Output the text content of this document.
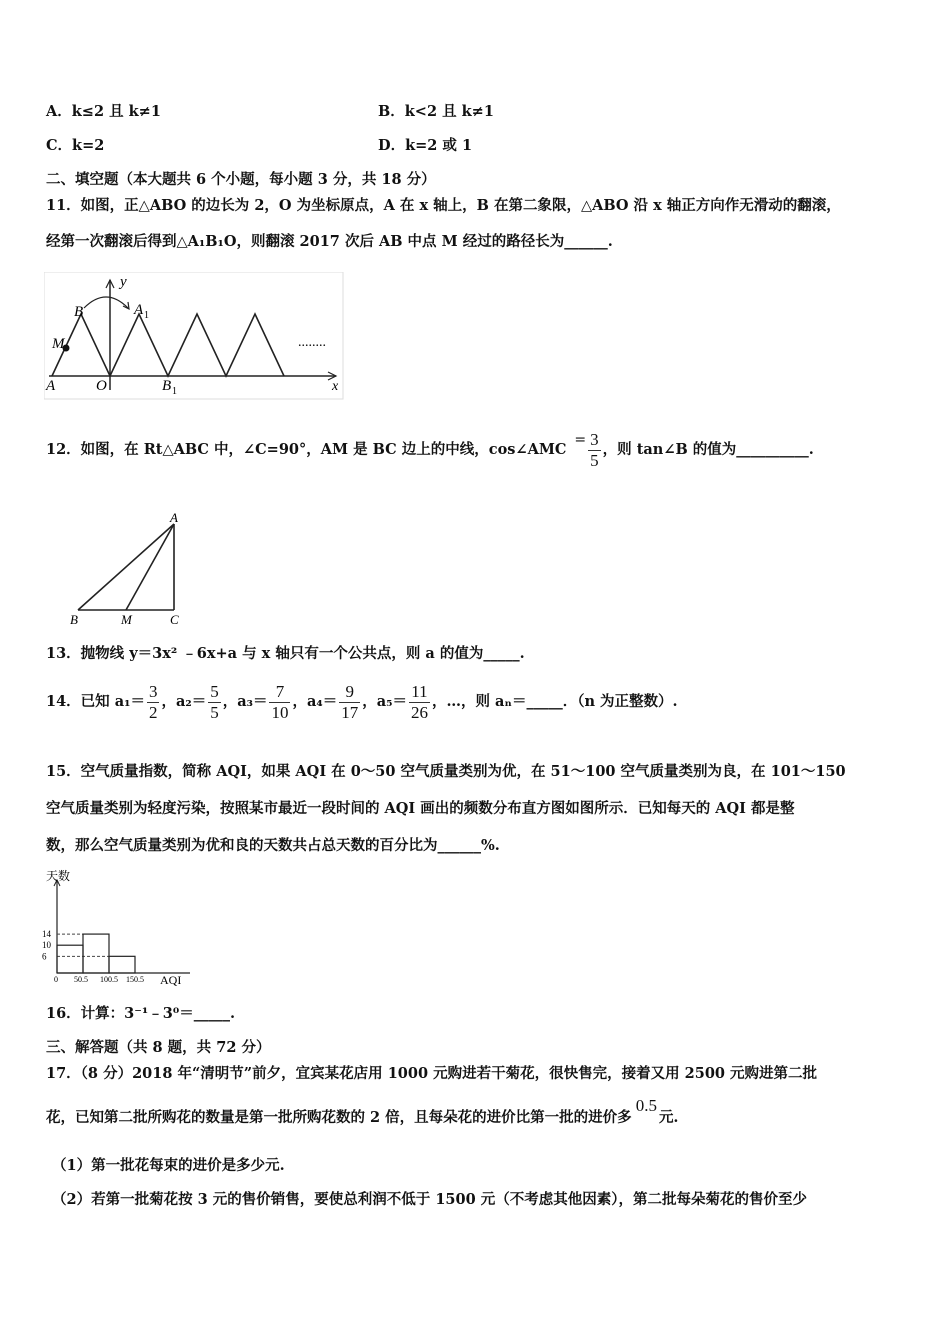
A．k≤2 且 k≠1	B．k<2 且 k≠1
C．k=2	D．k=2 或 1
二、填空题（本大题共 6 个小题，每小题 3 分，共 18 分）
11．如图，正△ABO 的边长为 2，O 为坐标原点，A 在 x 轴上，B 在第二象限，△ABO 沿 x 轴正方向作无滑动的翻滚，
经第一次翻滚后得到△A₁B₁O，则翻滚 2017 次后 AB 中点 M 经过的路径长为______.
y
x
B	A 1
M
A	O	B 1
........
12．如图，在 Rt△ABC 中，∠C=90°，AM 是 BC 边上的中线，cos∠AMC
= $\frac{3}{5}$ ，则 tan∠B 的值为__________.
A
B	M	C
13．抛物线 y＝3x² ﹣6x+a 与 x 轴只有一个公共点，则 a 的值为_____.
14．已知 $a_1= \frac{3}{2}$ ，$a_2= \frac{5}{5}$ ，$a_3= \frac{7}{10}$ ，$a_4= \frac{9}{17}$ ，$a_5= \frac{11}{26}$ ，…，则 aₙ＝_____．（n 为正整数）.
15．空气质量指数，简称 AQI，如果 AQI 在 0～50 空气质量类别为优，在 51～100 空气质量类别为良，在 101～150
空气质量类别为轻度污染，按照某市最近一段时间的 AQI 画出的频数分布直方图如图所示．已知每天的 AQI 都是整
数，那么空气质量类别为优和良的天数共占总天数的百分比为______%.
14
10
6
0 50.5 100.5 150.5
天数
AQI
16．计算：3⁻¹﹣3⁰＝_____.
三、解答题（共 8 题，共 72 分）
17．（8 分）2018 年“清明节”前夕，宜宾某花店用 1000 元购进若干菊花，很快售完，接着又用 2500 元购进第二批
花，已知第二批所购花的数量是第一批所购花数的 2 倍，且每朵花的进价比第一批的进价多
0.5
元.
（1）第一批花每束的进价是多少元.
（2）若第一批菊花按 3 元的售价销售，要使总利润不低于 1500 元（不考虑其他因素），第二批每朵菊花的售价至少
